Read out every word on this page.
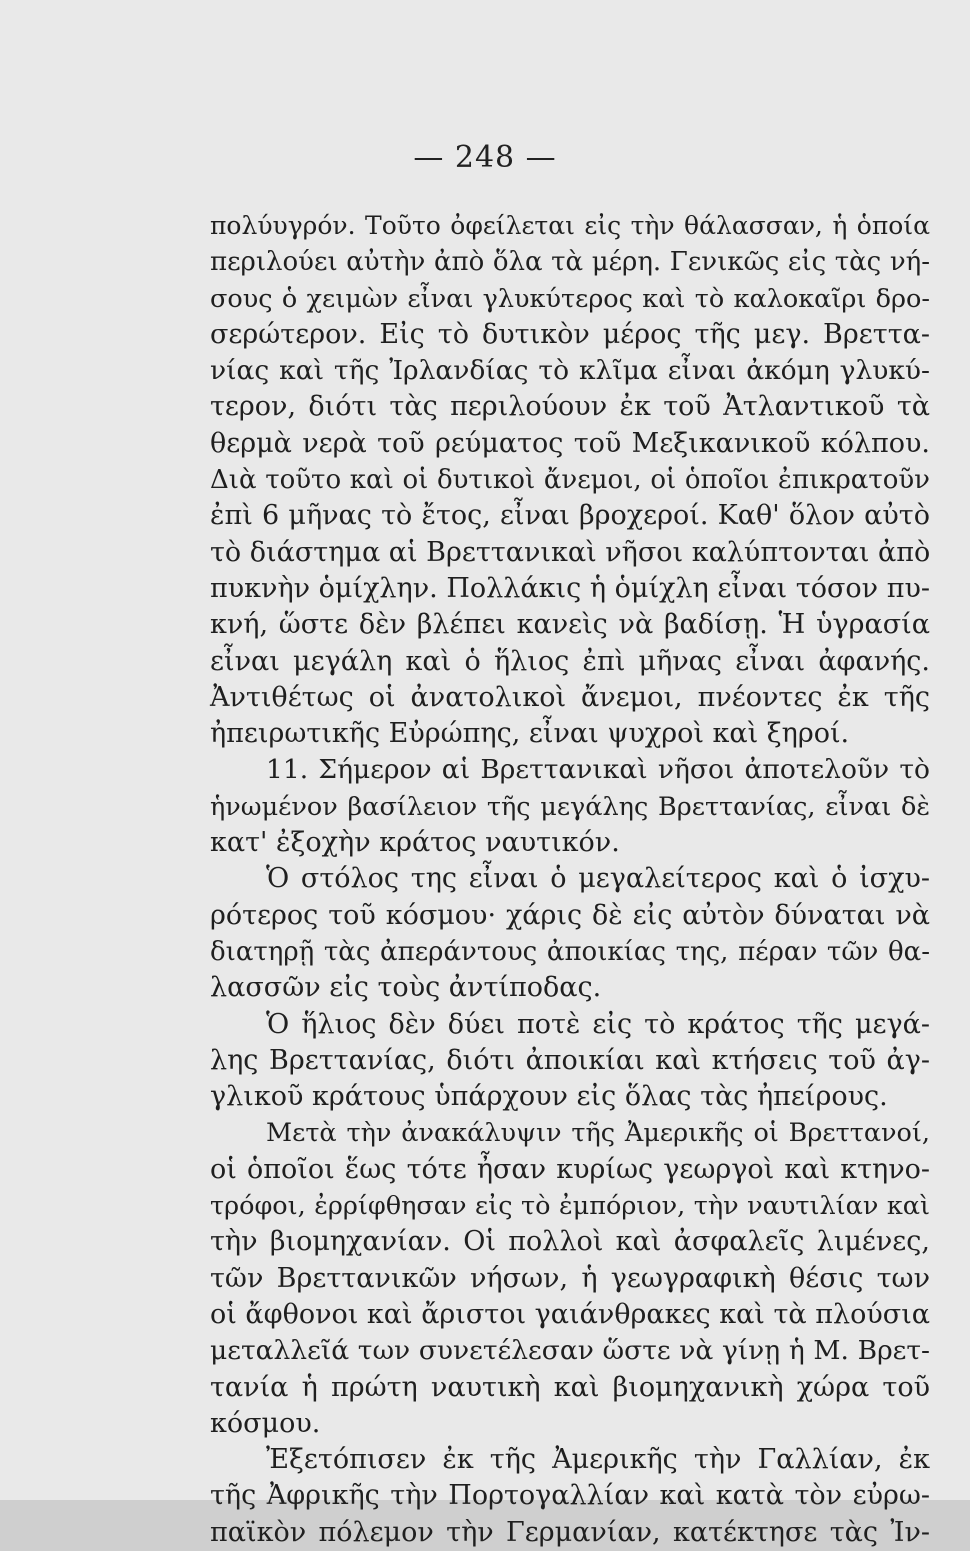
— 248 —
πολύυγρόν. Τοῦτο ὀφείλεται εἰς τὴν θάλασσαν, ἡ ὁποία
περιλούει αὐτὴν ἀπὸ ὅλα τὰ μέρη. Γενικῶς εἰς τὰς νή-
σους ὁ χειμὼν εἶναι γλυκύτερος καὶ τὸ καλοκαῖρι δρο-
σερώτερον. Εἰς τὸ δυτικὸν μέρος τῆς μεγ. Βρεττα-
νίας καὶ τῆς Ἰρλανδίας τὸ κλῖμα εἶναι ἀκόμη γλυκύ-
τερον, διότι τὰς περιλούουν ἐκ τοῦ Ἀτλαντικοῦ τὰ
θερμὰ νερὰ τοῦ ρεύματος τοῦ Μεξικανικοῦ κόλπου.
Διὰ τοῦτο καὶ οἱ δυτικοὶ ἄνεμοι, οἱ ὁποῖοι ἐπικρατοῦν
ἐπὶ 6 μῆνας τὸ ἔτος, εἶναι βροχεροί. Καθ' ὅλον αὐτὸ
τὸ διάστημα αἱ Βρεττανικαὶ νῆσοι καλύπτονται ἀπὸ
πυκνὴν ὁμίχλην. Πολλάκις ἡ ὁμίχλη εἶναι τόσον πυ-
κνή, ὥστε δὲν βλέπει κανεὶς νὰ βαδίσῃ. Ἡ ὑγρασία
εἶναι μεγάλη καὶ ὁ ἥλιος ἐπὶ μῆνας εἶναι ἀφανής.
Ἀντιθέτως οἱ ἀνατολικοὶ ἄνεμοι, πνέοντες ἐκ τῆς
ἠπειρωτικῆς Εὐρώπης, εἶναι ψυχροὶ καὶ ξηροί.
11. Σήμερον αἱ Βρεττανικαὶ νῆσοι ἀποτελοῦν τὸ
ἡνωμένον βασίλειον τῆς μεγάλης Βρεττανίας, εἶναι δὲ
κατ' ἐξοχὴν κράτος ναυτικόν.
Ὁ στόλος της εἶναι ὁ μεγαλείτερος καὶ ὁ ἰσχυ-
ρότερος τοῦ κόσμου· χάρις δὲ εἰς αὐτὸν δύναται νὰ
διατηρῇ τὰς ἀπεράντους ἀποικίας της, πέραν τῶν θα-
λασσῶν εἰς τοὺς ἀντίποδας.
Ὁ ἥλιος δὲν δύει ποτὲ εἰς τὸ κράτος τῆς μεγά-
λης Βρεττανίας, διότι ἀποικίαι καὶ κτήσεις τοῦ ἀγ-
γλικοῦ κράτους ὑπάρχουν εἰς ὅλας τὰς ἠπείρους.
Μετὰ τὴν ἀνακάλυψιν τῆς Ἀμερικῆς οἱ Βρεττανοί,
οἱ ὁποῖοι ἕως τότε ἦσαν κυρίως γεωργοὶ καὶ κτηνο-
τρόφοι, ἐρρίφθησαν εἰς τὸ ἐμπόριον, τὴν ναυτιλίαν καὶ
τὴν βιομηχανίαν. Οἱ πολλοὶ καὶ ἀσφαλεῖς λιμένες,
τῶν Βρεττανικῶν νήσων, ἡ γεωγραφικὴ θέσις των
οἱ ἄφθονοι καὶ ἄριστοι γαιάνθρακες καὶ τὰ πλούσια
μεταλλεῖά των συνετέλεσαν ὥστε νὰ γίνῃ ἡ Μ. Βρετ-
τανία ἡ πρώτη ναυτικὴ καὶ βιομηχανικὴ χώρα τοῦ
κόσμου.
Ἐξετόπισεν ἐκ τῆς Ἀμερικῆς τὴν Γαλλίαν, ἐκ
τῆς Ἀφρικῆς τὴν Πορτογαλλίαν καὶ κατὰ τὸν εὐρω-
παϊκὸν πόλεμον τὴν Γερμανίαν, κατέκτησε τὰς Ἰν-
